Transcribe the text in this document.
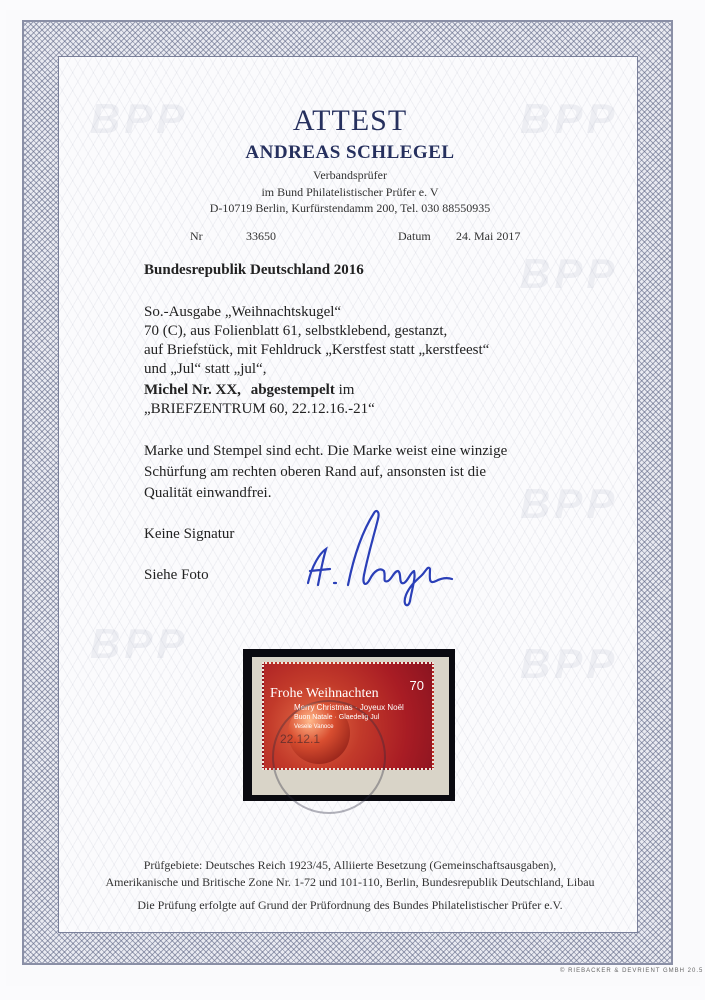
ATTEST
ANDREAS SCHLEGEL
Verbandsprüfer
im Bund Philatelistischer Prüfer e. V
D-10719 Berlin, Kurfürstendamm 200, Tel. 030 88550935
Nr	33650	Datum 24. Mai 2017
Bundesrepublik Deutschland 2016
So.-Ausgabe „Weihnachtskugel“
70 (C), aus Folienblatt 61, selbstklebend, gestanzt,
auf Briefstück, mit Fehldruck „Kerstfest statt „kerstfeest“
und „Jul“ statt „jul“,
Michel Nr. XX, abgestempelt im
„BRIEFZENTRUM 60, 22.12.16.-21“
Marke und Stempel sind echt. Die Marke weist eine winzige
Schürfung am rechten oberen Rand auf, ansonsten ist die
Qualität einwandfrei.
Keine Signatur
Siehe Foto
Frohe Weihnachten
Merry Christmas · Joyeux Noël
Buon Natale · Glaedelig Jul
Vesele Vanoce
70
22.12.1
Prüfgebiete: Deutsches Reich 1923/45, Alliierte Besetzung (Gemeinschaftsausgaben),
Amerikanische und Britische Zone Nr. 1-72 und 101-110, Berlin, Bundesrepublik Deutschland, Libau
Die Prüfung erfolgte auf Grund der Prüfordnung des Bundes Philatelistischer Prüfer e.V.
© RIEBACKER & DEVRIENT GMBH 20.5
